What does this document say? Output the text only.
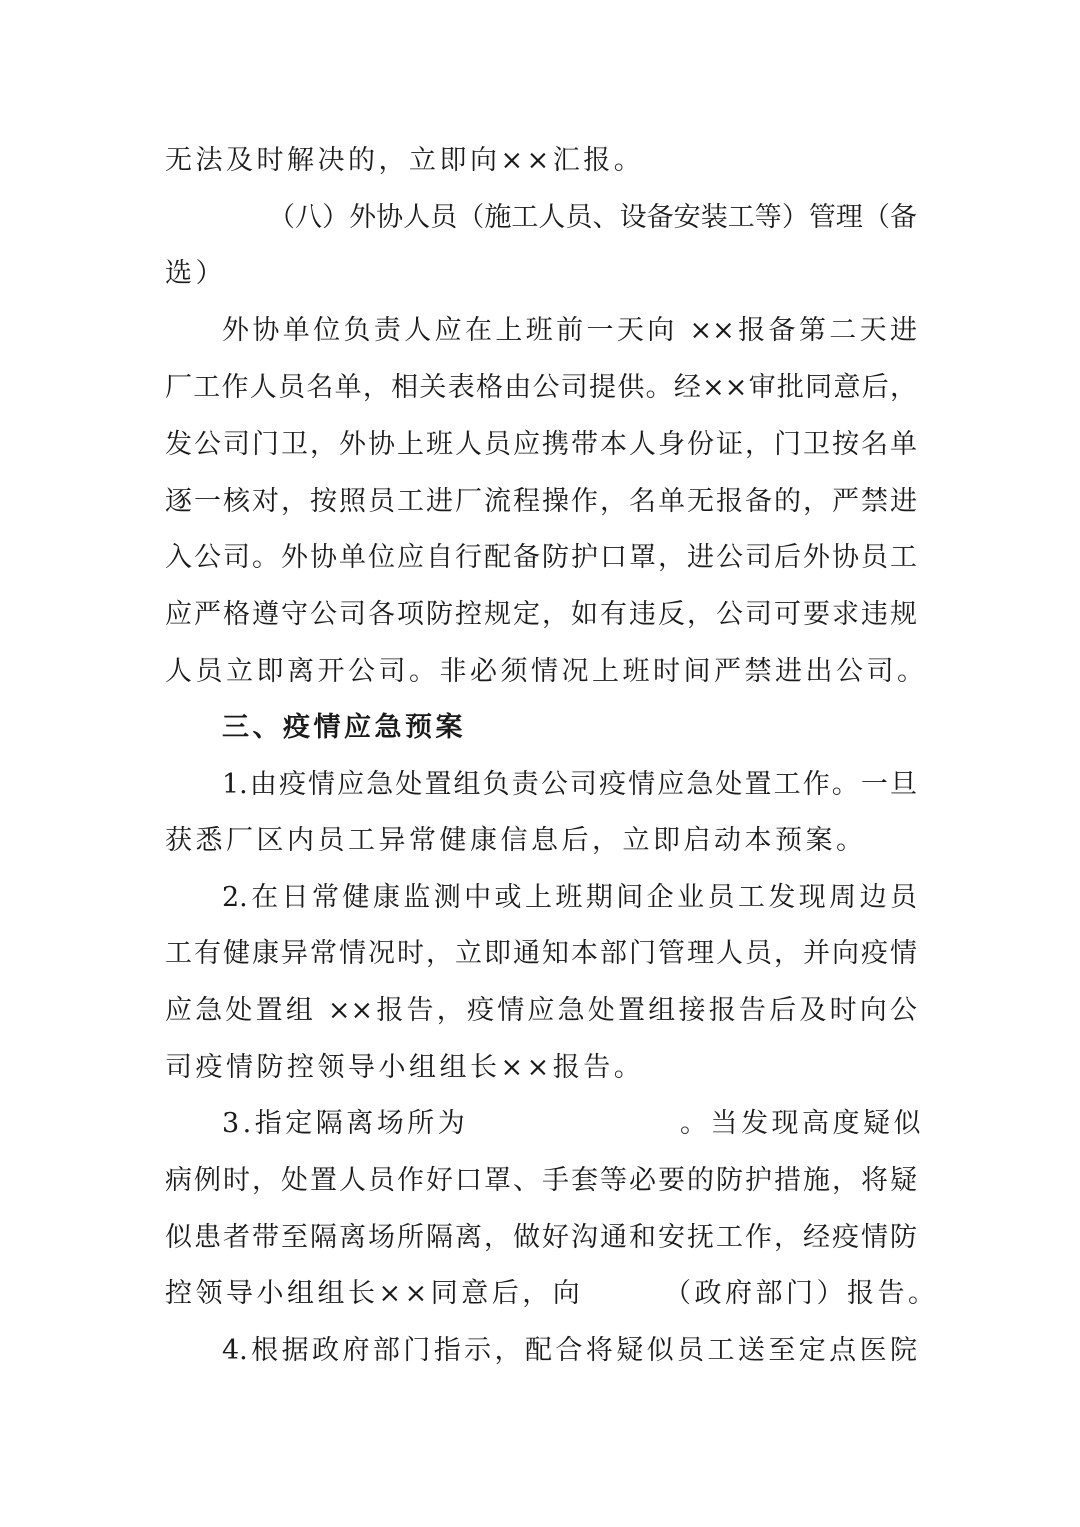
无法及时解决的，立即向××汇报。
（八）外协人员（施工人员、设备安装工等）管理（备
选）
外协单位负责人应在上班前一天向 ××报备第二天进
厂工作人员名单，相关表格由公司提供。经××审批同意后，
发公司门卫，外协上班人员应携带本人身份证，门卫按名单
逐一核对，按照员工进厂流程操作，名单无报备的，严禁进
入公司。外协单位应自行配备防护口罩，进公司后外协员工
应严格遵守公司各项防控规定，如有违反，公司可要求违规
人员立即离开公司。非必须情况上班时间严禁进出公司。
三、疫情应急预案
1.由疫情应急处置组负责公司疫情应急处置工作。一旦
获悉厂区内员工异常健康信息后，立即启动本预案。
2.在日常健康监测中或上班期间企业员工发现周边员
工有健康异常情况时，立即通知本部门管理人员，并向疫情
应急处置组 ××报告，疫情应急处置组接报告后及时向公
司疫情防控领导小组组长××报告。
3.指定隔离场所为	。当发现高度疑似
病例时，处置人员作好口罩、手套等必要的防护措施，将疑
似患者带至隔离场所隔离，做好沟通和安抚工作，经疫情防
控领导小组组长××同意后，向	（政府部门）报告。
4.根据政府部门指示，配合将疑似员工送至定点医院
